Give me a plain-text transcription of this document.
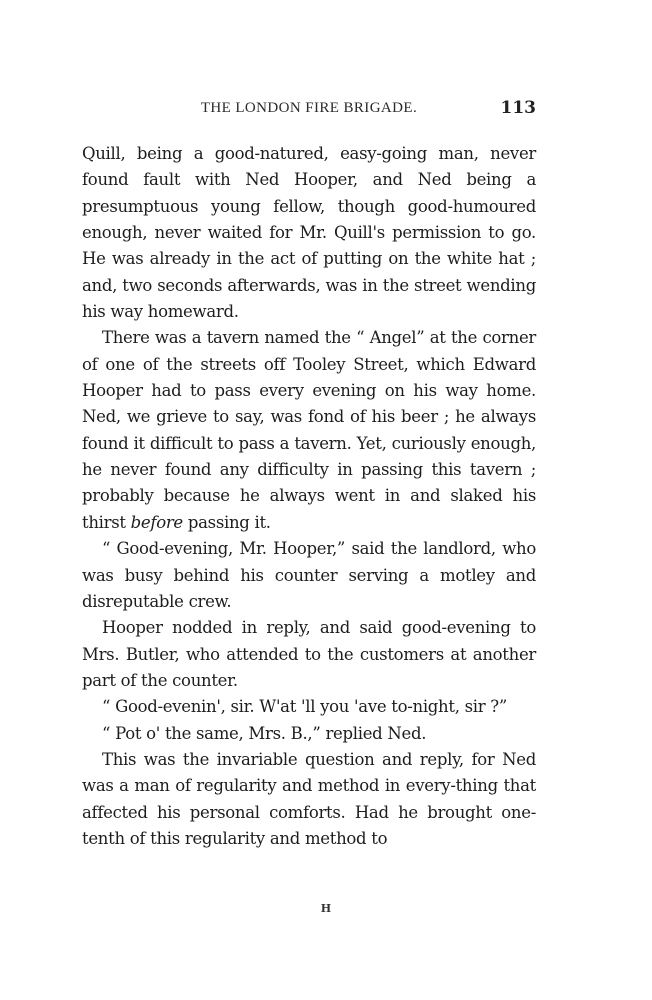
THE LONDON FIRE BRIGADE.	113

Quill, being a good-natured, easy-going man, never found fault with Ned Hooper, and Ned being a presumptuous young fellow, though good-humoured enough, never waited for Mr. Quill's permission to go. He was already in the act of putting on the white hat ; and, two seconds afterwards, was in the street wending his way homeward.

There was a tavern named the “ Angel” at the corner of one of the streets off Tooley Street, which Edward Hooper had to pass every evening on his way home. Ned, we grieve to say, was fond of his beer ; he always found it difficult to pass a tavern. Yet, curiously enough, he never found any difficulty in passing this tavern ; probably because he always went in and slaked his thirst before passing it.

“ Good-evening, Mr. Hooper,” said the landlord, who was busy behind his counter serving a motley and disreputable crew.

Hooper nodded in reply, and said good-evening to Mrs. Butler, who attended to the customers at another part of the counter.

“ Good-evenin', sir. W'at 'll you 'ave to-night, sir ?”

“ Pot o' the same, Mrs. B.,” replied Ned.

This was the invariable question and reply, for Ned was a man of regularity and method in every-thing that affected his personal comforts. Had he brought one-tenth of this regularity and method to

H
